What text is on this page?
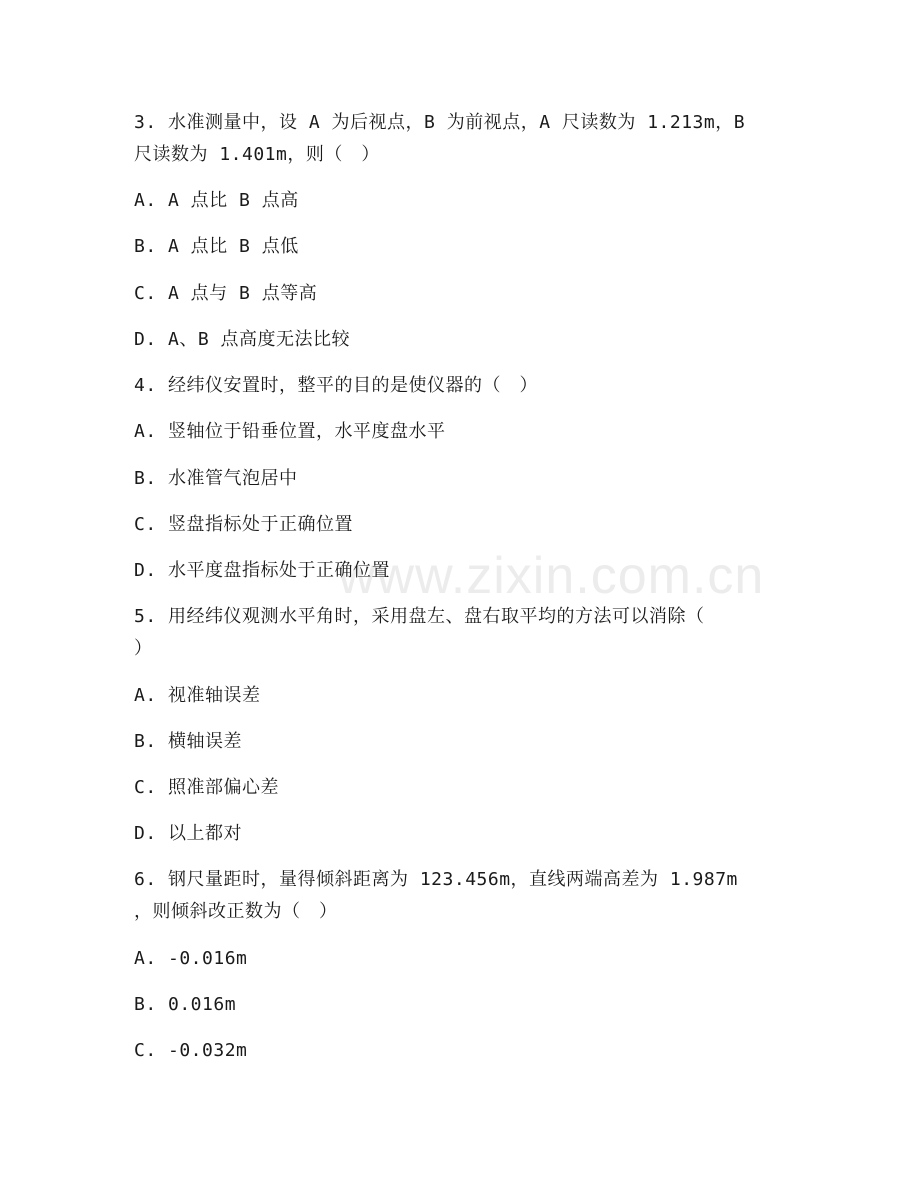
www.zixin.com.cn
3. 水准测量中，设 A 为后视点，B 为前视点，A 尺读数为 1.213m，B
尺读数为 1.401m，则（　）
A. A 点比 B 点高
B. A 点比 B 点低
C. A 点与 B 点等高
D. A、B 点高度无法比较
4. 经纬仪安置时，整平的目的是使仪器的（　）
A. 竖轴位于铅垂位置，水平度盘水平
B. 水准管气泡居中
C. 竖盘指标处于正确位置
D. 水平度盘指标处于正确位置
5. 用经纬仪观测水平角时，采用盘左、盘右取平均的方法可以消除（
）
A. 视准轴误差
B. 横轴误差
C. 照准部偏心差
D. 以上都对
6. 钢尺量距时，量得倾斜距离为 123.456m，直线两端高差为 1.987m
，则倾斜改正数为（　）
A. -0.016m
B. 0.016m
C. -0.032m
